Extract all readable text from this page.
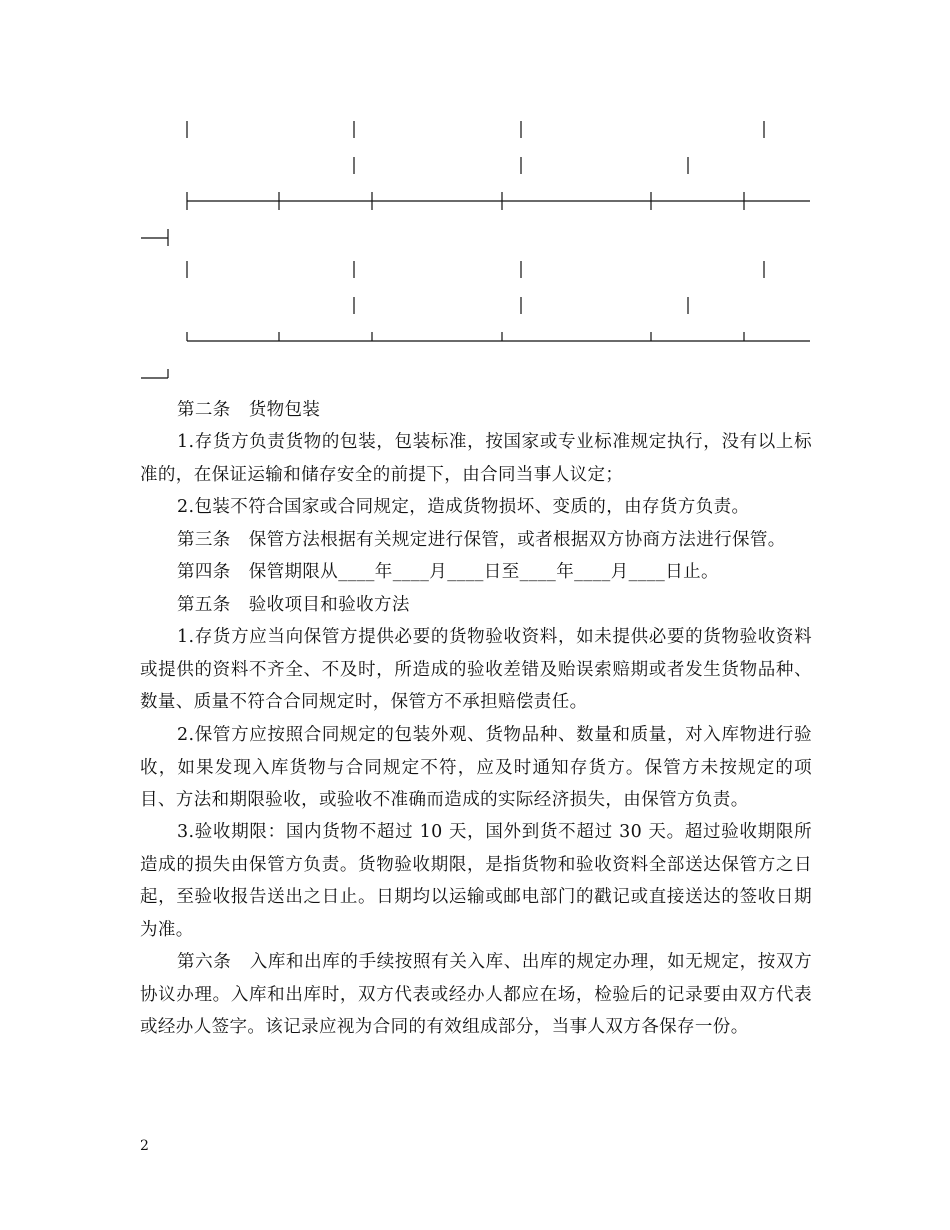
第二条 货物包装

1.存货方负责货物的包装，包装标准，按国家或专业标准规定执行，没有以上标准的，在保证运输和储存安全的前提下，由合同当事人议定；

2.包装不符合国家或合同规定，造成货物损坏、变质的，由存货方负责。

第三条 保管方法根据有关规定进行保管，或者根据双方协商方法进行保管。

第四条 保管期限从____年____月____日至____年____月____日止。

第五条 验收项目和验收方法

1.存货方应当向保管方提供必要的货物验收资料，如未提供必要的货物验收资料或提供的资料不齐全、不及时，所造成的验收差错及贻误索赔期或者发生货物品种、数量、质量不符合合同规定时，保管方不承担赔偿责任。

2.保管方应按照合同规定的包装外观、货物品种、数量和质量，对入库物进行验收，如果发现入库货物与合同规定不符，应及时通知存货方。保管方未按规定的项目、方法和期限验收，或验收不准确而造成的实际经济损失，由保管方负责。

3.验收期限：国内货物不超过 10 天，国外到货不超过 30 天。超过验收期限所造成的损失由保管方负责。货物验收期限，是指货物和验收资料全部送达保管方之日起，至验收报告送出之日止。日期均以运输或邮电部门的戳记或直接送达的签收日期为准。

第六条 入库和出库的手续按照有关入库、出库的规定办理，如无规定，按双方协议办理。入库和出库时，双方代表或经办人都应在场，检验后的记录要由双方代表或经办人签字。该记录应视为合同的有效组成部分，当事人双方各保存一份。

2
